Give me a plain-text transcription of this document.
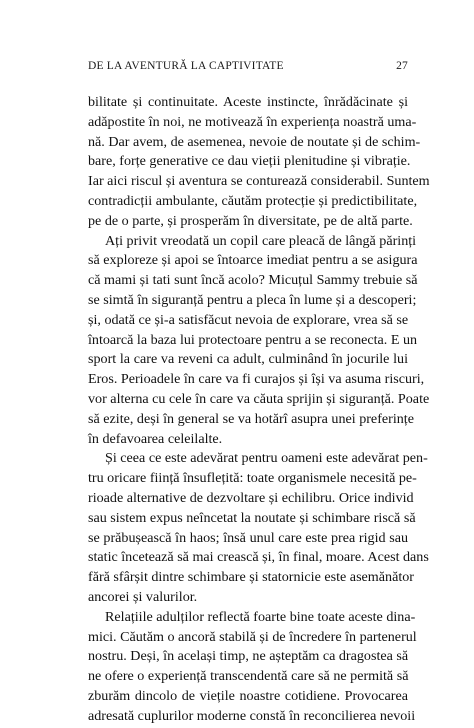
DE LA AVENTURĂ LA CAPTIVITATE	27
bilitate și continuitate. Aceste instincte, înrădăcinate și
adăpostite în noi, ne motivează în experiența noastră uma-
nă. Dar avem, de asemenea, nevoie de noutate și de schim-
bare, forțe generative ce dau vieții plenitudine și vibrație.
Iar aici riscul și aventura se conturează considerabil. Suntem
contradicții ambulante, căutăm protecție și predictibilitate,
pe de o parte, și prosperăm în diversitate, pe de altă parte.
Ați privit vreodată un copil care pleacă de lângă părinți
să exploreze și apoi se întoarce imediat pentru a se asigura
că mami și tati sunt încă acolo? Micuțul Sammy trebuie să
se simtă în siguranță pentru a pleca în lume și a descoperi;
și, odată ce și-a satisfăcut nevoia de explorare, vrea să se
întoarcă la baza lui protectoare pentru a se reconecta. E un
sport la care va reveni ca adult, culminând în jocurile lui
Eros. Perioadele în care va fi curajos și își va asuma riscuri,
vor alterna cu cele în care va căuta sprijin și siguranță. Poate
să ezite, deși în general se va hotărî asupra unei preferințe
în defavoarea celeilalte.
Și ceea ce este adevărat pentru oameni este adevărat pen-
tru oricare ființă însuflețită: toate organismele necesită pe-
rioade alternative de dezvoltare și echilibru. Orice individ
sau sistem expus neîncetat la noutate și schimbare riscă să
se prăbușească în haos; însă unul care este prea rigid sau
static încetează să mai crească și, în final, moare. Acest dans
fără sfârșit dintre schimbare și statornicie este asemănător
ancorei și valurilor.
Relațiile adulților reflectă foarte bine toate aceste dina-
mici. Căutăm o ancoră stabilă și de încredere în partenerul
nostru. Deși, în același timp, ne așteptăm ca dragostea să
ne ofere o experiență transcendentă care să ne permită să
zburăm dincolo de viețile noastre cotidiene. Provocarea
adresată cuplurilor moderne constă în reconcilierea nevoii
